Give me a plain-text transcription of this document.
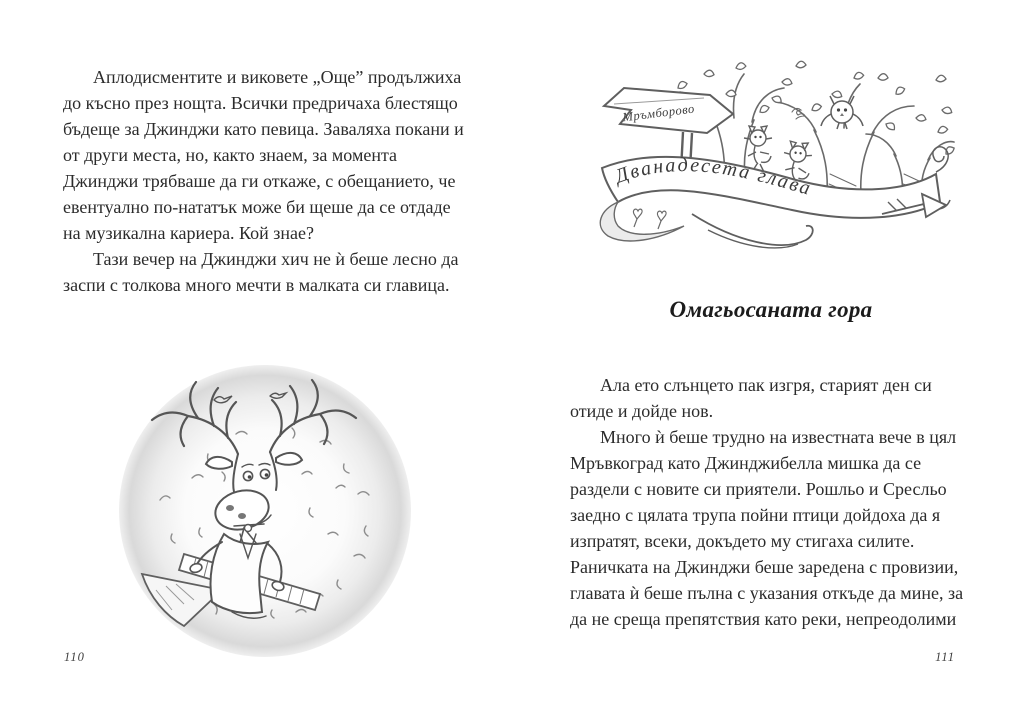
Аплодисментите и виковете „Още” продължиха до късно през нощта. Всички предричаха блестящо бъдеще за Джинджи като певица. Заваляха покани и от други места, но, както знаем, за момента Джинджи трябваше да ги откаже, с обещанието, че евентуално по-нататък може би щеше да се отдаде на музикална кариера. Кой знае?

Тази вечер на Джинджи хич не ѝ беше лесно да заспи с толкова много мечти в малката си главица.

110
Мръмборово
Дванадесета глава
Омагьосаната гора

Ала ето слънцето пак изгря, старият ден си отиде и дойде нов.

Много ѝ беше трудно на известната вече в цял Мръвкоград като Джинджибелла мишка да се раздели с новите си приятели. Рошльо и Сресльо заедно с цялата трупа пойни птици дойдоха да я изпратят, всеки, докъдето му стигаха силите. Раничката на Джинджи беше заредена с провизии, главата ѝ беше пълна с указания откъде да мине, за да не среща препятствия като реки, непреодолими

111
